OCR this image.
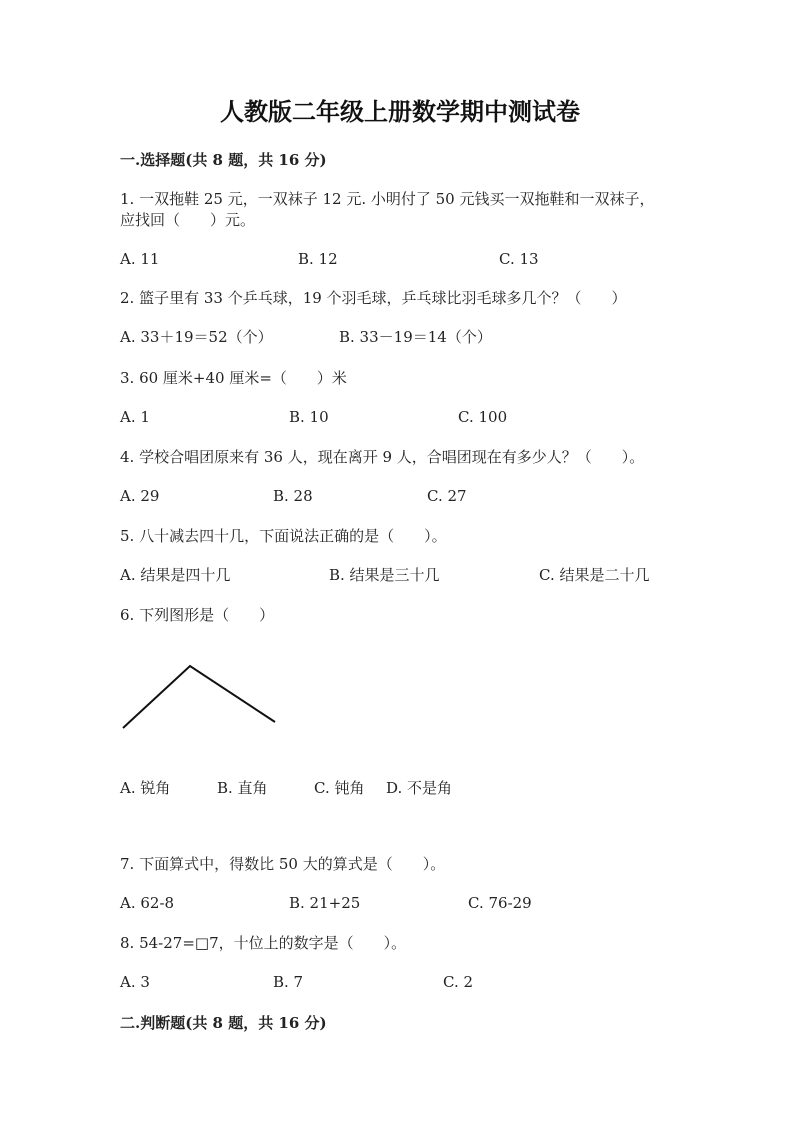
人教版二年级上册数学期中测试卷
一.选择题(共 8 题，共 16 分)
1. 一双拖鞋 25 元，一双袜子 12 元. 小明付了 50 元钱买一双拖鞋和一双袜子，
应找回（　　）元。
A. 11	B. 12	C. 13
2. 篮子里有 33 个乒乓球，19 个羽毛球，乒乓球比羽毛球多几个？（　　）
A. 33＋19＝52（个）	B. 33－19＝14（个）
3. 60 厘米+40 厘米=（　　）米
A. 1	B. 10	C. 100
4. 学校合唱团原来有 36 人，现在离开 9 人，合唱团现在有多少人？（　　）。
A. 29	B. 28	C. 27
5. 八十减去四十几，下面说法正确的是（　　）。
A. 结果是四十几	B. 结果是三十几	C. 结果是二十几
6. 下列图形是（　　）
A. 锐角	B. 直角	C. 钝角 D. 不是角
7. 下面算式中，得数比 50 大的算式是（　　）。
A. 62-8	B. 21+25	C. 76-29
8. 54-27=□7，十位上的数字是（　　）。
A. 3	B. 7	C. 2
二.判断题(共 8 题，共 16 分)
